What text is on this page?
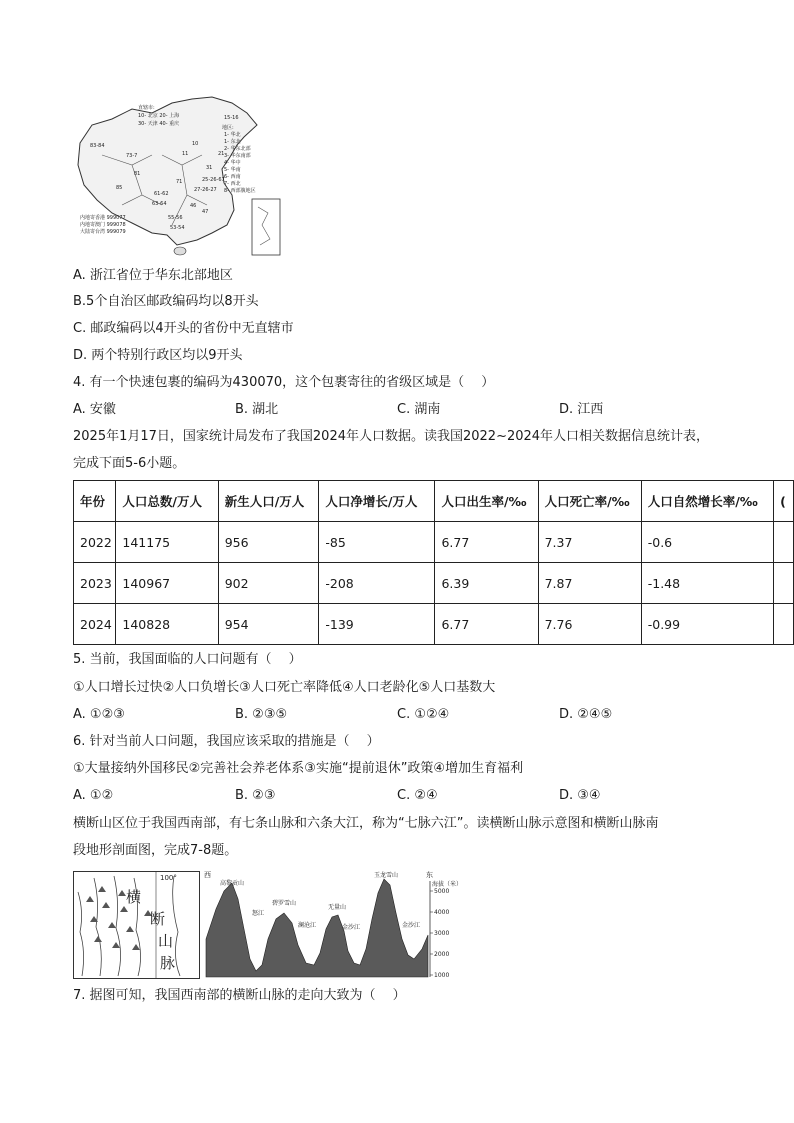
直辖市:
10- 北京 20- 上海
30- 天津 40- 重庆
地区:
1- 华北
1- 东北
2- 华东北部
3- 华东南部
4- 华中
5- 华南
6- 西南
7- 西北
8- 西部腹地区
内地寄香港 999077
内地寄澳门 999078
大陆寄台湾 999079
15-16
83-84
73-7
81
85
71
61-62
63-64
55-56
53-54
46
47
21
31
11
10
25-26-67
27-26-27
A. 浙江省位于华东北部地区
B.5个自治区邮政编码均以8开头
C. 邮政编码以4开头的省份中无直辖市
D. 两个特别行政区均以9开头
4. 有一个快速包裹的编码为430070，这个包裹寄往的省级区域是（　 ）
A. 安徽	B. 湖北	C. 湖南	D. 江西
2025年1月17日，国家统计局发布了我国2024年人口数据。读我国2022~2024年人口相关数据信息统计表，
完成下面5-6小题。
年份	人口总数/万人	新生人口/万人	人口净增长/万人	人口出生率/‰	人口死亡率/‰	人口自然增长率/‰	(
2022	141175	956	-85	6.77	7.37	-0.6	
2023	140967	902	-208	6.39	7.87	-1.48	
2024	140828	954	-139	6.77	7.76	-0.99	
5. 当前，我国面临的人口问题有（　 ）
①人口增长过快②人口负增长③人口死亡率降低④人口老龄化⑤人口基数大
A. ①②③	B. ②③⑤	C. ①②④	D. ②④⑤
6. 针对当前人口问题，我国应该采取的措施是（　 ）
①大量接纳外国移民②完善社会养老体系③实施“提前退休”政策④增加生育福利
A. ①②	B. ②③	C. ②④	D. ③④
横断山区位于我国西南部，有七条山脉和六条大江，称为“七脉六江”。读横断山脉示意图和横断山脉南
段地形剖面图，完成7-8题。
100°
横
断
山
脉
西	东
海拔（米）
5000
4000
3000
2000
1000
高黎贡山
怒江
碧罗雪山
澜沧江
无量山
金沙江
玉龙雪山
金沙江
7. 据图可知，我国西南部的横断山脉的走向大致为（　 ）
